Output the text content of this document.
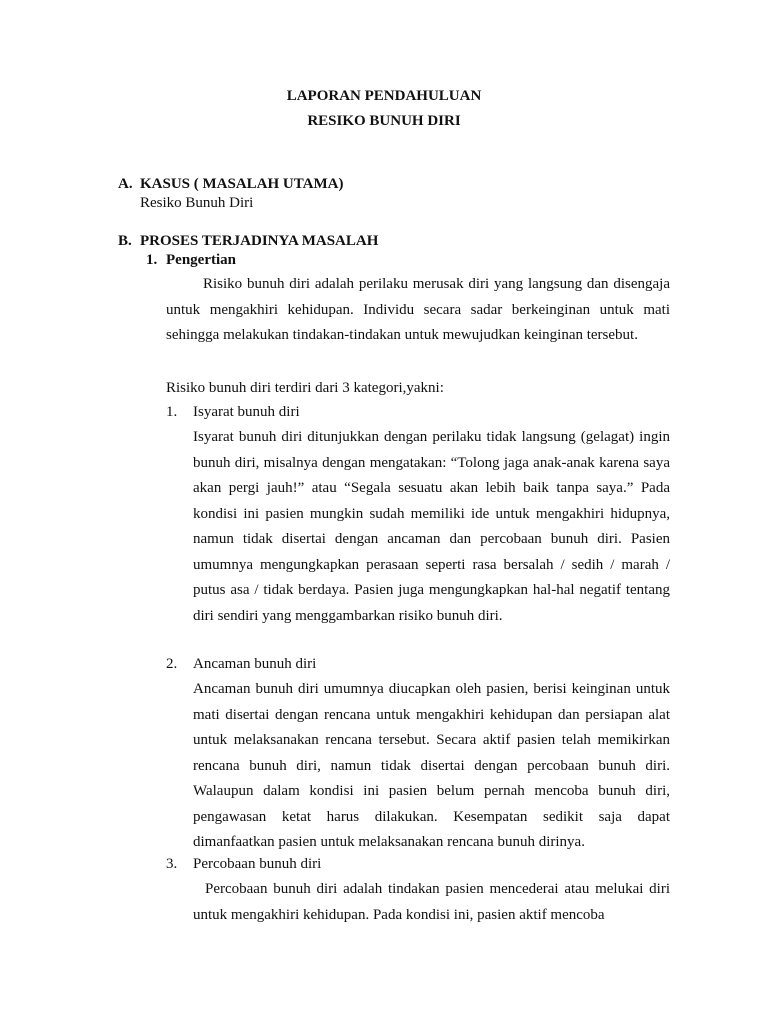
LAPORAN PENDAHULUAN

RESIKO BUNUH DIRI

A. KASUS ( MASALAH UTAMA)

Resiko Bunuh Diri

B. PROSES TERJADINYA MASALAH

1. Pengertian

Risiko bunuh diri adalah perilaku merusak diri yang langsung dan disengaja untuk mengakhiri kehidupan. Individu secara sadar berkeinginan untuk mati sehingga melakukan tindakan-tindakan untuk mewujudkan keinginan tersebut.

Risiko bunuh diri terdiri dari 3 kategori,yakni:

1. Isyarat bunuh diri

Isyarat bunuh diri ditunjukkan dengan perilaku tidak langsung (gelagat) ingin bunuh diri, misalnya dengan mengatakan: “Tolong jaga anak-anak karena saya akan pergi jauh!” atau “Segala sesuatu akan lebih baik tanpa saya.” Pada kondisi ini pasien mungkin sudah memiliki ide untuk mengakhiri hidupnya, namun tidak disertai dengan ancaman dan percobaan bunuh diri. Pasien umumnya mengungkapkan perasaan seperti rasa bersalah / sedih / marah / putus asa / tidak berdaya. Pasien juga mengungkapkan hal-hal negatif tentang diri sendiri yang menggambarkan risiko bunuh diri.

2. Ancaman bunuh diri

Ancaman bunuh diri umumnya diucapkan oleh pasien, berisi keinginan untuk mati disertai dengan rencana untuk mengakhiri kehidupan dan persiapan alat untuk melaksanakan rencana tersebut. Secara aktif pasien telah memikirkan rencana bunuh diri, namun tidak disertai dengan percobaan bunuh diri. Walaupun dalam kondisi ini pasien belum pernah mencoba bunuh diri, pengawasan ketat harus dilakukan. Kesempatan sedikit saja dapat dimanfaatkan pasien untuk melaksanakan rencana bunuh dirinya.

3. Percobaan bunuh diri

Percobaan bunuh diri adalah tindakan pasien mencederai atau melukai diri untuk mengakhiri kehidupan. Pada kondisi ini, pasien aktif mencoba
